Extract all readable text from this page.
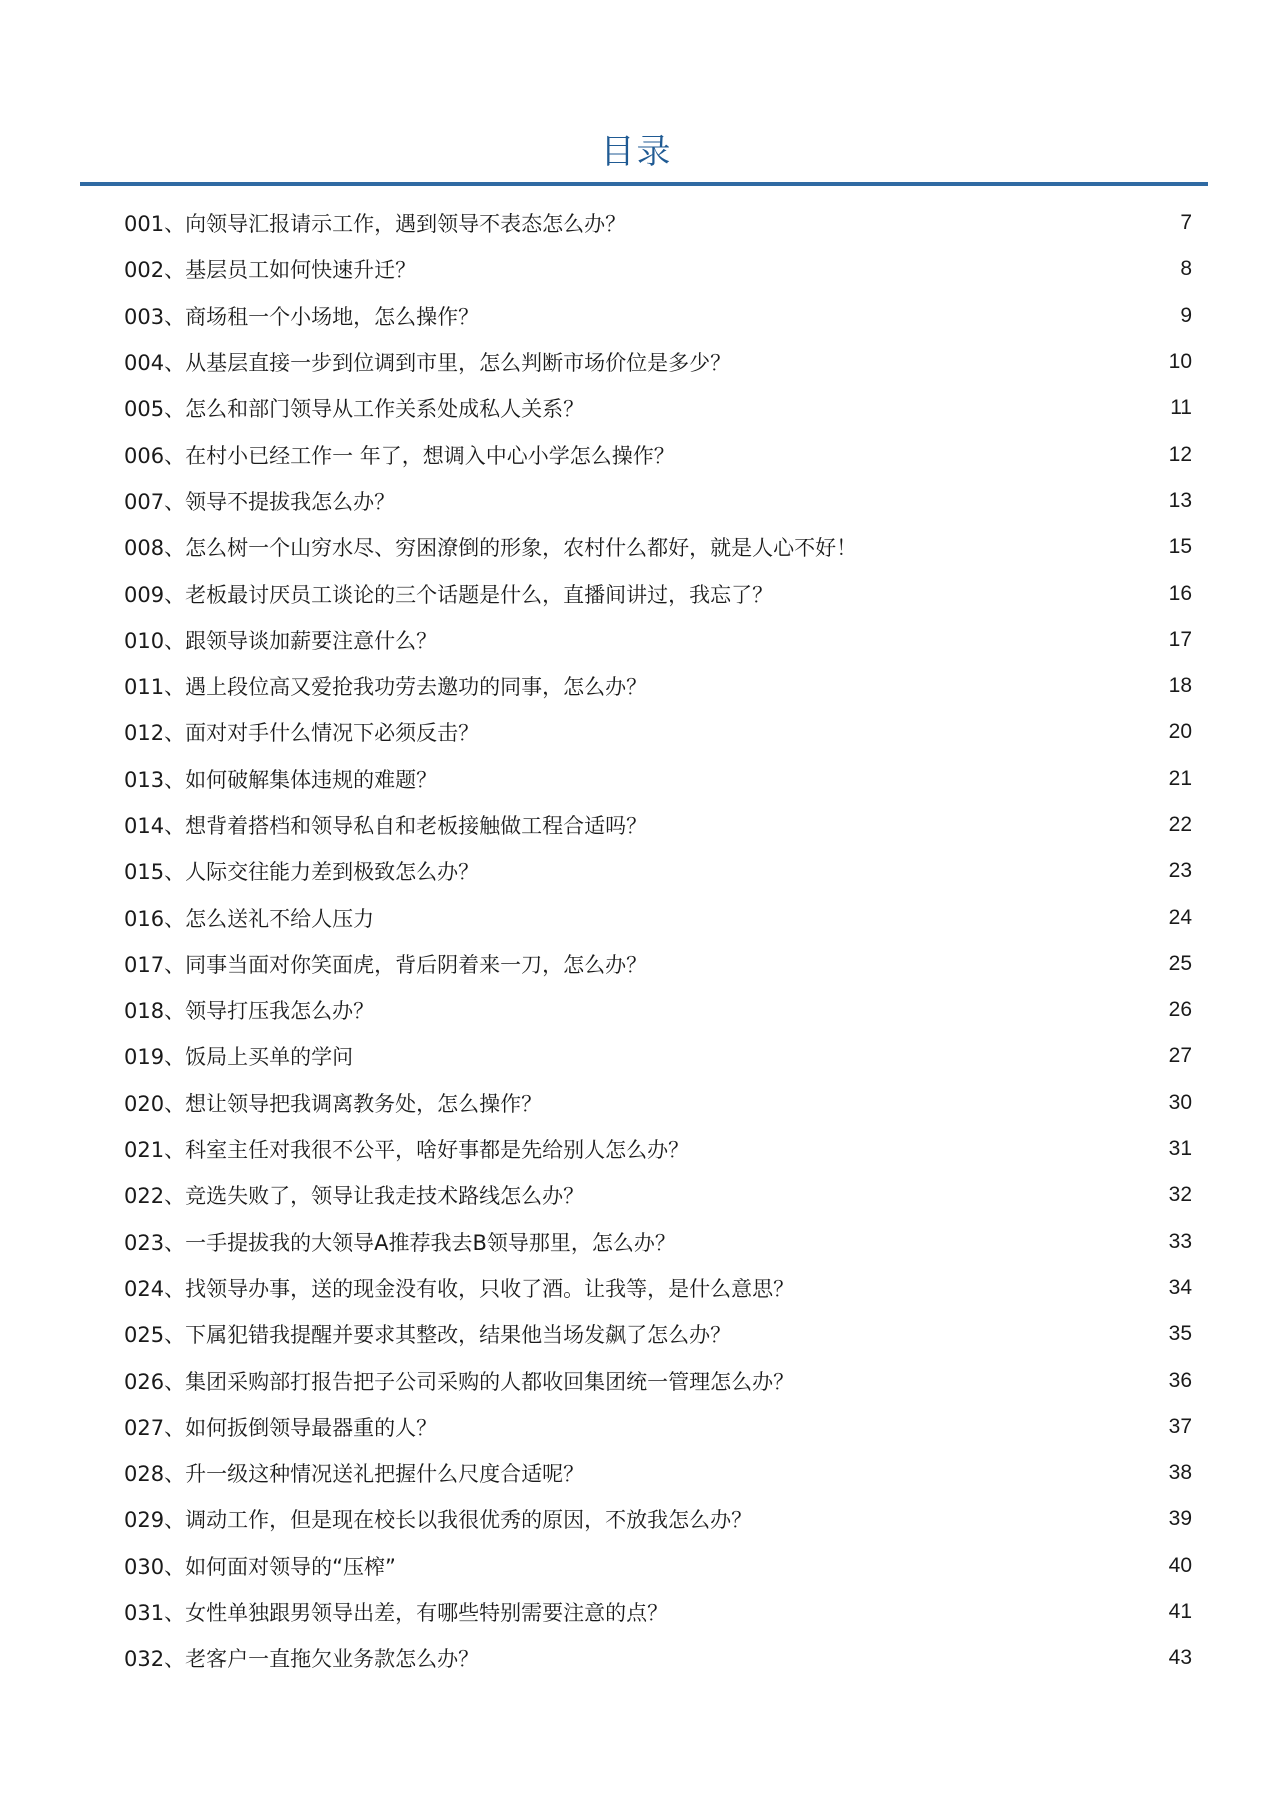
目录
001、向领导汇报请示工作，遇到领导不表态怎么办？	7
002、基层员工如何快速升迁？	8
003、商场租一个小场地，怎么操作？	9
004、从基层直接一步到位调到市里，怎么判断市场价位是多少？	10
005、怎么和部门领导从工作关系处成私人关系？	11
006、在村小已经工作一 年了，想调入中心小学怎么操作？	12
007、领导不提拔我怎么办？	13
008、怎么树一个山穷水尽、穷困潦倒的形象，农村什么都好，就是人心不好！	15
009、老板最讨厌员工谈论的三个话题是什么，直播间讲过，我忘了？	16
010、跟领导谈加薪要注意什么？	17
011、遇上段位高又爱抢我功劳去邀功的同事，怎么办？	18
012、面对对手什么情况下必须反击？	20
013、如何破解集体违规的难题？	21
014、想背着搭档和领导私自和老板接触做工程合适吗？	22
015、人际交往能力差到极致怎么办？	23
016、怎么送礼不给人压力	24
017、同事当面对你笑面虎，背后阴着来一刀，怎么办？	25
018、领导打压我怎么办？	26
019、饭局上买单的学问	27
020、想让领导把我调离教务处，怎么操作？	30
021、科室主任对我很不公平，啥好事都是先给别人怎么办？	31
022、竞选失败了，领导让我走技术路线怎么办？	32
023、一手提拔我的大领导A推荐我去B领导那里，怎么办？	33
024、找领导办事，送的现金没有收，只收了酒。让我等，是什么意思？	34
025、下属犯错我提醒并要求其整改，结果他当场发飙了怎么办？	35
026、集团采购部打报告把子公司采购的人都收回集团统一管理怎么办？	36
027、如何扳倒领导最器重的人？	37
028、升一级这种情况送礼把握什么尺度合适呢？	38
029、调动工作，但是现在校长以我很优秀的原因，不放我怎么办？	39
030、如何面对领导的“压榨”	40
031、女性单独跟男领导出差，有哪些特别需要注意的点？	41
032、老客户一直拖欠业务款怎么办？	43
